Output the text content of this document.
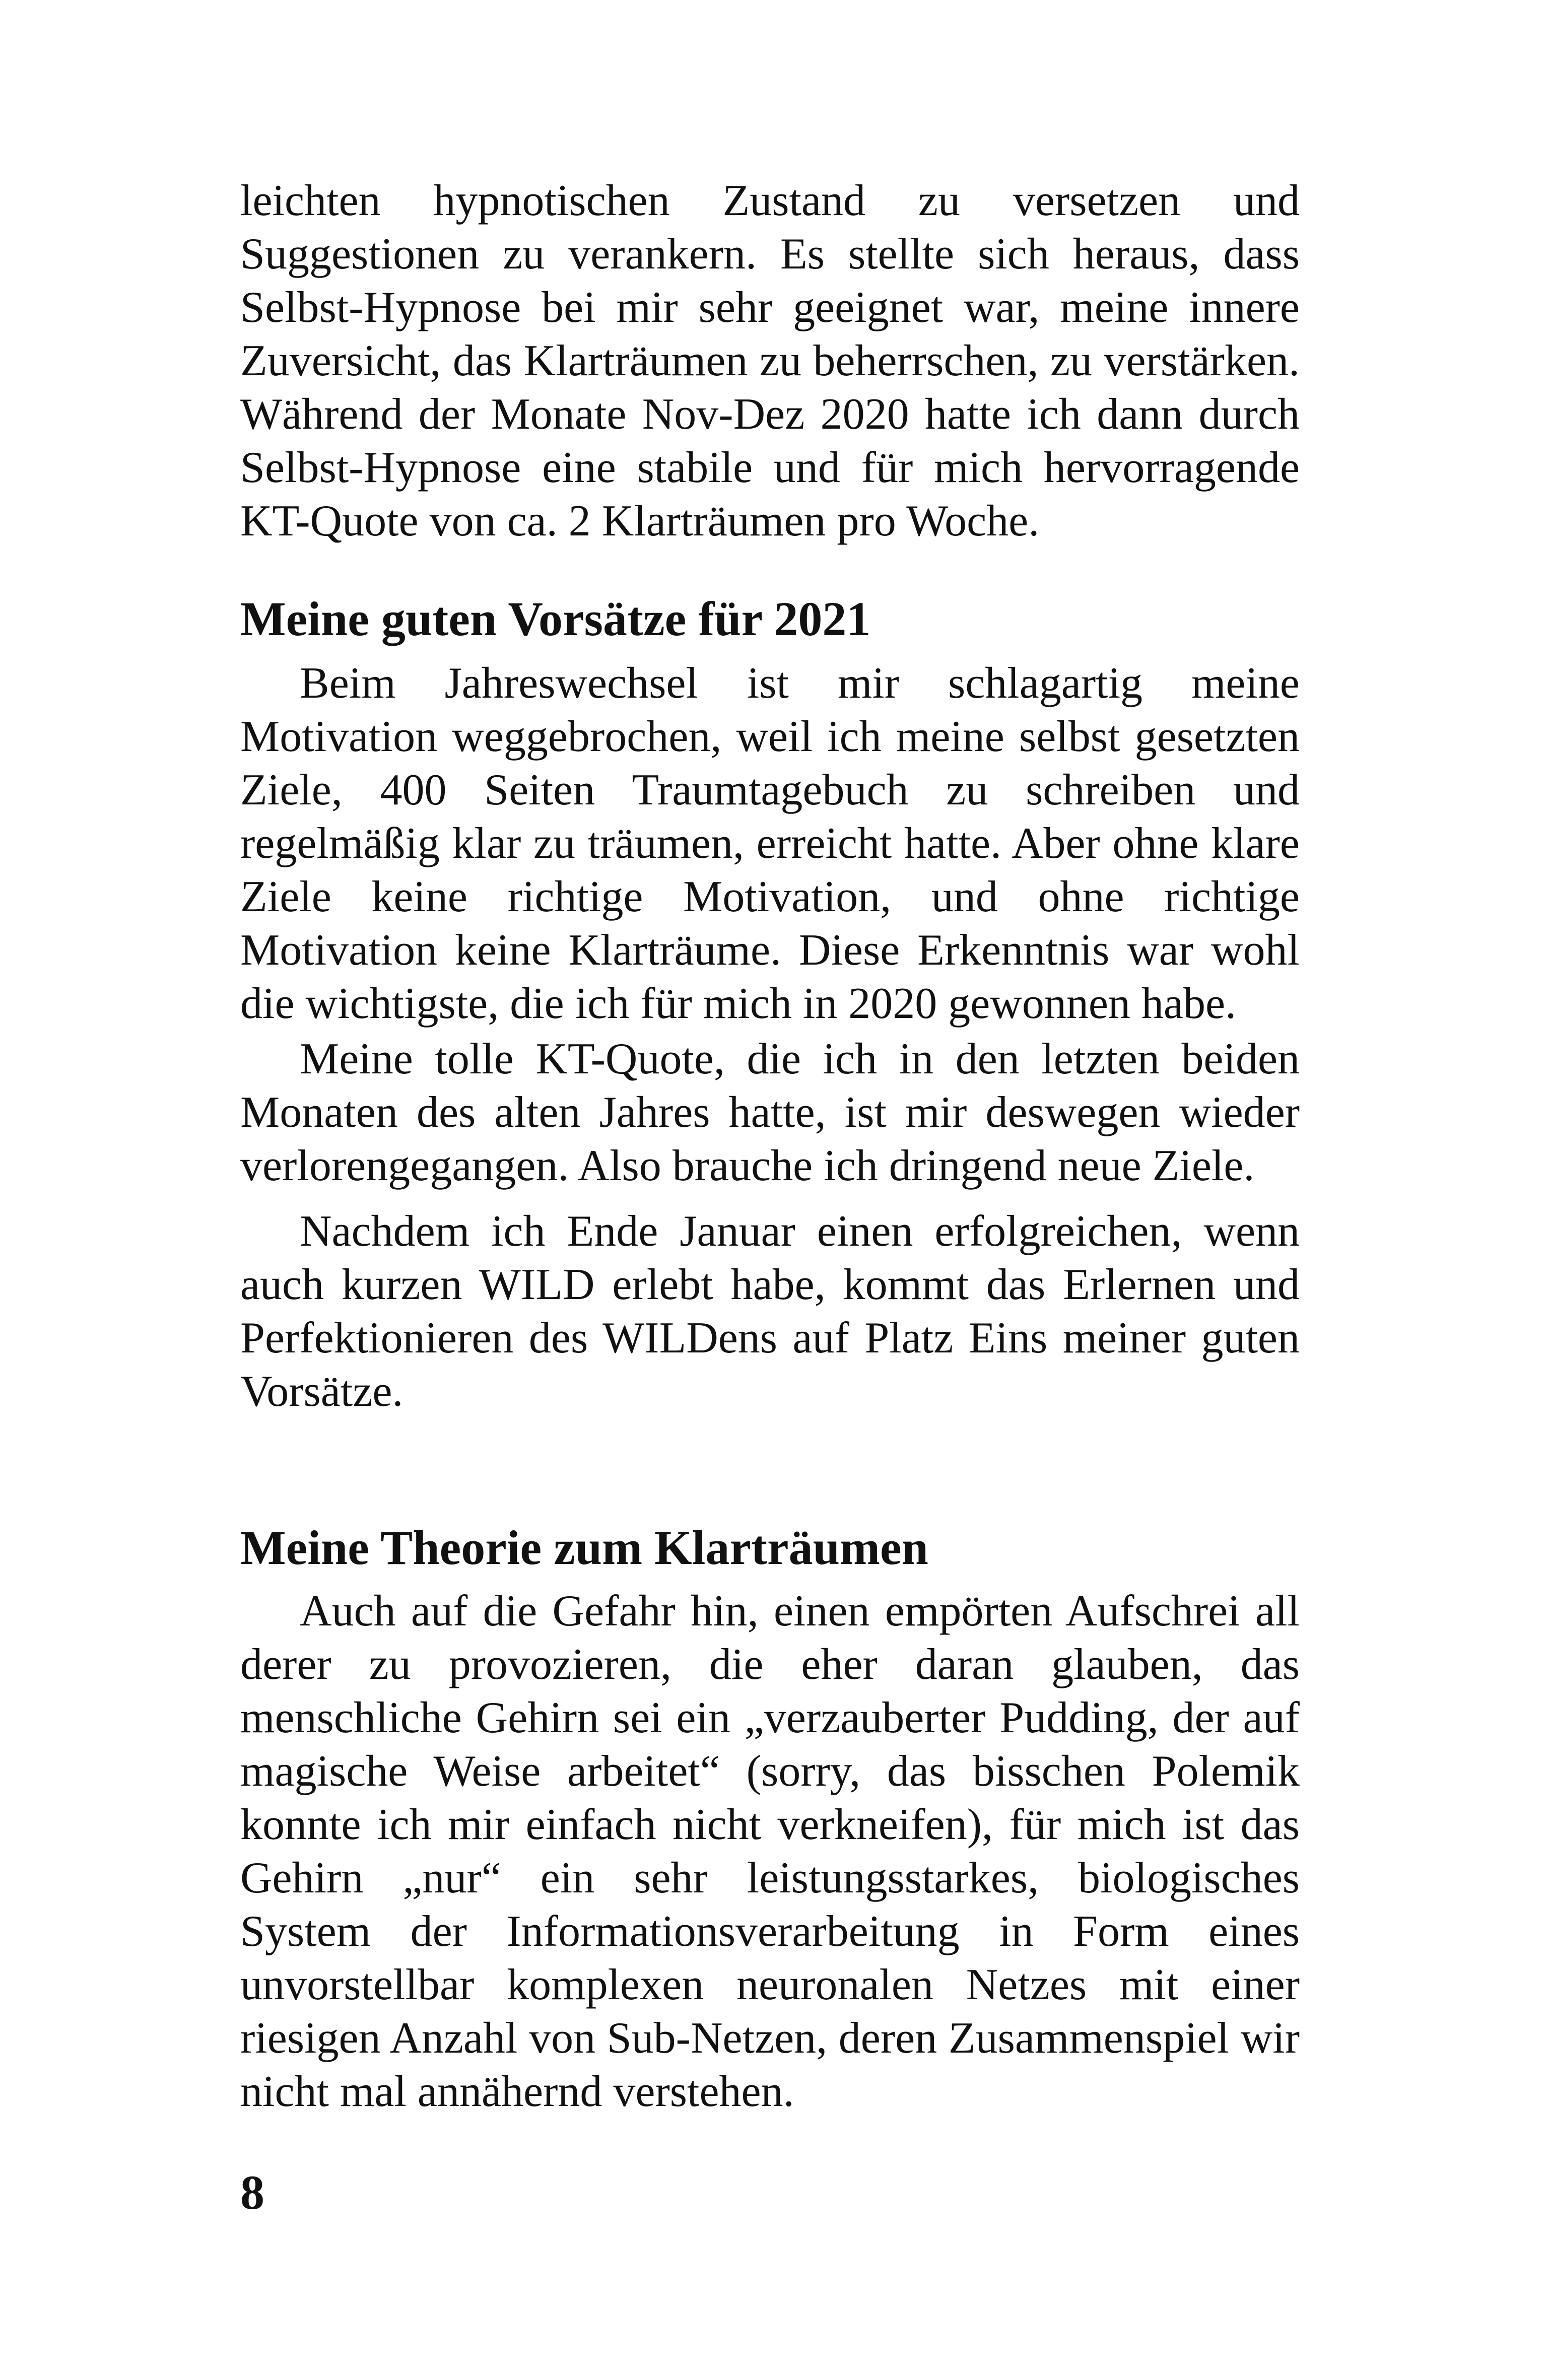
leichten hypnotischen Zustand zu versetzen und Suggestionen zu verankern. Es stellte sich heraus, dass Selbst-Hypnose bei mir sehr geeignet war, meine innere Zuversicht, das Klarträumen zu beherrschen, zu verstärken. Während der Monate Nov-Dez 2020 hatte ich dann durch Selbst-Hypnose eine stabile und für mich hervorragende KT-Quote von ca. 2 Klarträumen pro Woche.

Meine guten Vorsätze für 2021

Beim Jahreswechsel ist mir schlagartig meine Motivation weggebrochen, weil ich meine selbst gesetzten Ziele, 400 Seiten Traumtagebuch zu schreiben und regelmäßig klar zu träumen, erreicht hatte. Aber ohne klare Ziele keine richtige Motivation, und ohne richtige Motivation keine Klarträume. Diese Erkenntnis war wohl die wichtigste, die ich für mich in 2020 gewonnen habe.

Meine tolle KT-Quote, die ich in den letzten beiden Monaten des alten Jahres hatte, ist mir deswegen wieder verlorengegangen. Also brauche ich dringend neue Ziele.

Nachdem ich Ende Januar einen erfolgreichen, wenn auch kurzen WILD erlebt habe, kommt das Erlernen und Perfektionieren des WILDens auf Platz Eins meiner guten Vorsätze.

Meine Theorie zum Klarträumen

Auch auf die Gefahr hin, einen empörten Aufschrei all derer zu provozieren, die eher daran glauben, das menschliche Gehirn sei ein „verzauberter Pudding, der auf magische Weise arbeitet“ (sorry, das bisschen Polemik konnte ich mir einfach nicht verkneifen), für mich ist das Gehirn „nur“ ein sehr leistungsstarkes, biologisches System der Informationsverarbeitung in Form eines unvorstellbar komplexen neuronalen Netzes mit einer riesigen Anzahl von Sub-Netzen, deren Zusammenspiel wir nicht mal annähernd verstehen.

8
